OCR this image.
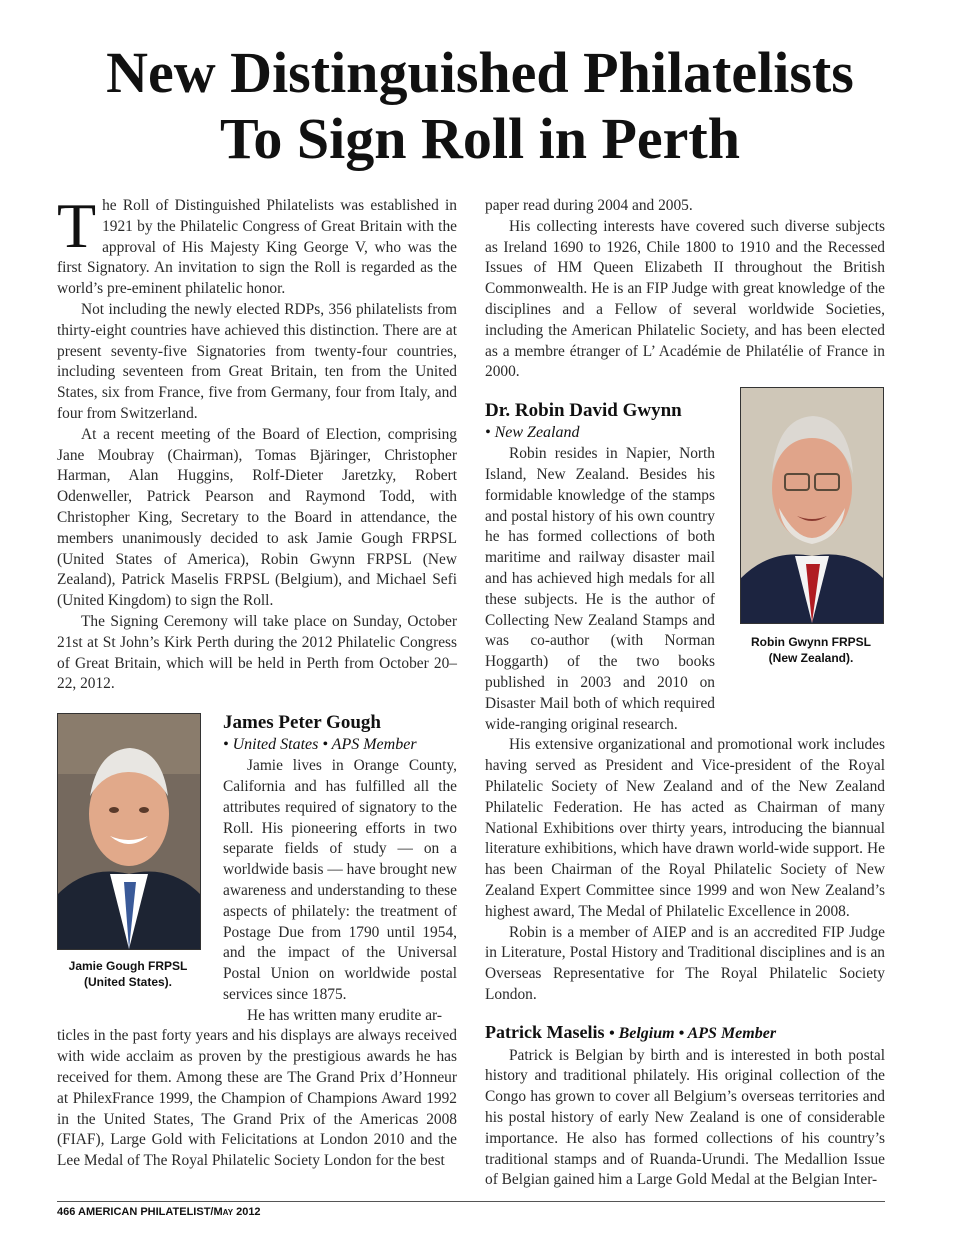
New Distinguished Philatelists
To Sign Roll in Perth

The Roll of Distinguished Philatelists was established in 1921 by the Philatelic Congress of Great Britain with the approval of His Majesty King George V, who was the first Signatory. An invitation to sign the Roll is regarded as the world’s pre-eminent philatelic honor.

Not including the newly elected RDPs, 356 philatelists from thirty-eight countries have achieved this distinction. There are at present seventy-five Signatories from twenty-four countries, including seventeen from Great Britain, ten from the United States, six from France, five from Germany, four from Italy, and four from Switzerland.

At a recent meeting of the Board of Election, comprising Jane Moubray (Chairman), Tomas Bjäringer, Christopher Harman, Alan Huggins, Rolf-Dieter Jaretzky, Robert Odenweller, Patrick Pearson and Raymond Todd, with Christopher King, Secretary to the Board in attendance, the members unanimously decided to ask Jamie Gough FRPSL (United States of America), Robin Gwynn FRPSL (New Zealand), Patrick Maselis FRPSL (Belgium), and Michael Sefi (United Kingdom) to sign the Roll.

The Signing Ceremony will take place on Sunday, October 21st at St John’s Kirk Perth during the 2012 Philatelic Congress of Great Britain, which will be held in Perth from October 20–22, 2012.

James Peter Gough

• United States • APS Member

Jamie lives in Orange County, California and has fulfilled all the attributes required of signatory to the Roll. His pioneering efforts in two separate fields of study — on a worldwide basis — have brought new awareness and understanding to these aspects of philately: the treatment of Postage Due from 1790 until 1954, and the impact of the Universal Postal Union on worldwide postal services since 1875.

He has written many erudite ar-

ticles in the past forty years and his displays are always received with wide acclaim as proven by the prestigious awards he has received for them. Among these are The Grand Prix d’Honneur at PhilexFrance 1999, the Champion of Champions Award 1992 in the United States, The Grand Prix of the Americas 2008 (FIAF), Large Gold with Felicitations at London 2010 and the Lee Medal of The Royal Philatelic Society London for the best

Jamie Gough FRPSL
(United States).

paper read during 2004 and 2005.

His collecting interests have covered such diverse subjects as Ireland 1690 to 1926, Chile 1800 to 1910 and the Recessed Issues of HM Queen Elizabeth II throughout the British Commonwealth. He is an FIP Judge with great knowledge of the disciplines and a Fellow of several worldwide Societies, including the American Philatelic Society, and has been elected as a membre étranger of L’ Académie de Philatélie of France in 2000.

Dr. Robin David Gwynn

• New Zealand

Robin resides in Napier, North Island, New Zealand. Besides his formidable knowledge of the stamps and postal history of his own country he has formed collections of both maritime and railway disaster mail and has achieved high medals for all these subjects. He is the author of Collecting New Zealand Stamps and was co-author (with Norman Hoggarth) of the two books published in 2003 and 2010 on Disaster Mail both of which required wide-ranging original research.

His extensive organizational and promotional work includes having served as President and Vice-president of the Royal Philatelic Society of New Zealand and of the New Zealand Philatelic Federation. He has acted as Chairman of many National Exhibitions over thirty years, introducing the biannual literature exhibitions, which have drawn world-wide support. He has been Chairman of the Royal Philatelic Society of New Zealand Expert Committee since 1999 and won New Zealand’s highest award, The Medal of Philatelic Excellence in 2008.

Robin is a member of AIEP and is an accredited FIP Judge in Literature, Postal History and Traditional disciplines and is an Overseas Representative for The Royal Philatelic Society London.

Patrick Maselis • Belgium • APS Member

Patrick is Belgian by birth and is interested in both postal history and traditional philately. His original collection of the Congo has grown to cover all Belgium’s overseas territories and his postal history of early New Zealand is one of considerable importance. He also has formed collections of his country’s traditional stamps and of Ruanda-Urundi. The Medallion Issue of Belgian gained him a Large Gold Medal at the Belgian Inter-

Robin Gwynn FRPSL
(New Zealand).
466 AMERICAN PHILATELIST/May 2012
